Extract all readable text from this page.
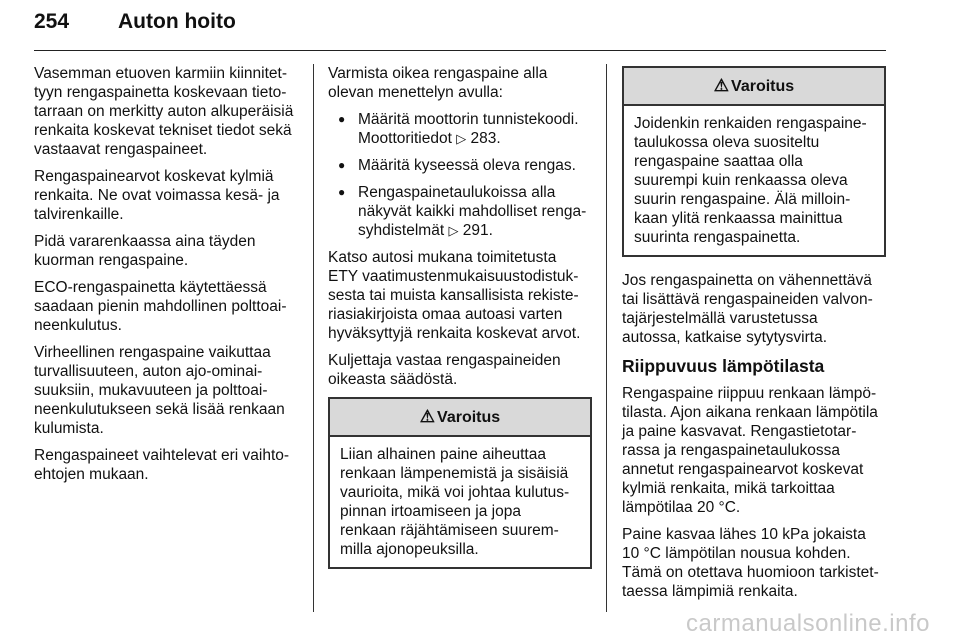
254 Auton hoito
Vasemman etuoven karmiin kiinnitet-
tyyn rengaspainetta koskevaan tieto-
tarraan on merkitty auton alkuperäisiä
renkaita koskevat tekniset tiedot sekä
vastaavat rengaspaineet.
Rengaspainearvot koskevat kylmiä
renkaita. Ne ovat voimassa kesä- ja
talvirenkaille.
Pidä vararenkaassa aina täyden
kuorman rengaspaine.
ECO-rengaspainetta käytettäessä
saadaan pienin mahdollinen polttoai-
neenkulutus.
Virheellinen rengaspaine vaikuttaa
turvallisuuteen, auton ajo-ominai-
suuksiin, mukavuuteen ja polttoai-
neenkulutukseen sekä lisää renkaan
kulumista.
Rengaspaineet vaihtelevat eri vaihto-
ehtojen mukaan.
Varmista oikea rengaspaine alla
olevan menettelyn avulla:
● Määritä moottorin tunnistekoodi.
Moottoritiedot ▷ 283.
● Määritä kyseessä oleva rengas.
● Rengaspainetaulukoissa alla
näkyvät kaikki mahdolliset renga-
syhdistelmät ▷ 291.
Katso autosi mukana toimitetusta
ETY vaatimustenmukaisuustodistuk-
sesta tai muista kansallisista rekiste-
riasiakirjoista omaa autoasi varten
hyväksyttyjä renkaita koskevat arvot.
Kuljettaja vastaa rengaspaineiden
oikeasta säädöstä.
⚠ Varoitus
Liian alhainen paine aiheuttaa
renkaan lämpenemistä ja sisäisiä
vaurioita, mikä voi johtaa kulutus-
pinnan irtoamiseen ja jopa
renkaan räjähtämiseen suurem-
milla ajonopeuksilla.
⚠ Varoitus
Joidenkin renkaiden rengaspaine-
taulukossa oleva suositeltu
rengaspaine saattaa olla
suurempi kuin renkaassa oleva
suurin rengaspaine. Älä milloin-
kaan ylitä renkaassa mainittua
suurinta rengaspainetta.
Jos rengaspainetta on vähennettävä
tai lisättävä rengaspaineiden valvon-
tajärjestelmällä varustetussa
autossa, katkaise sytytysvirta.
Riippuvuus lämpötilasta
Rengaspaine riippuu renkaan lämpö-
tilasta. Ajon aikana renkaan lämpötila
ja paine kasvavat. Rengastietotar-
rassa ja rengaspainetaulukossa
annetut rengaspainearvot koskevat
kylmiä renkaita, mikä tarkoittaa
lämpötilaa 20 °C.
Paine kasvaa lähes 10 kPa jokaista
10 °C lämpötilan nousua kohden.
Tämä on otettava huomioon tarkistet-
taessa lämpimiä renkaita.
carmanualsonline.info
